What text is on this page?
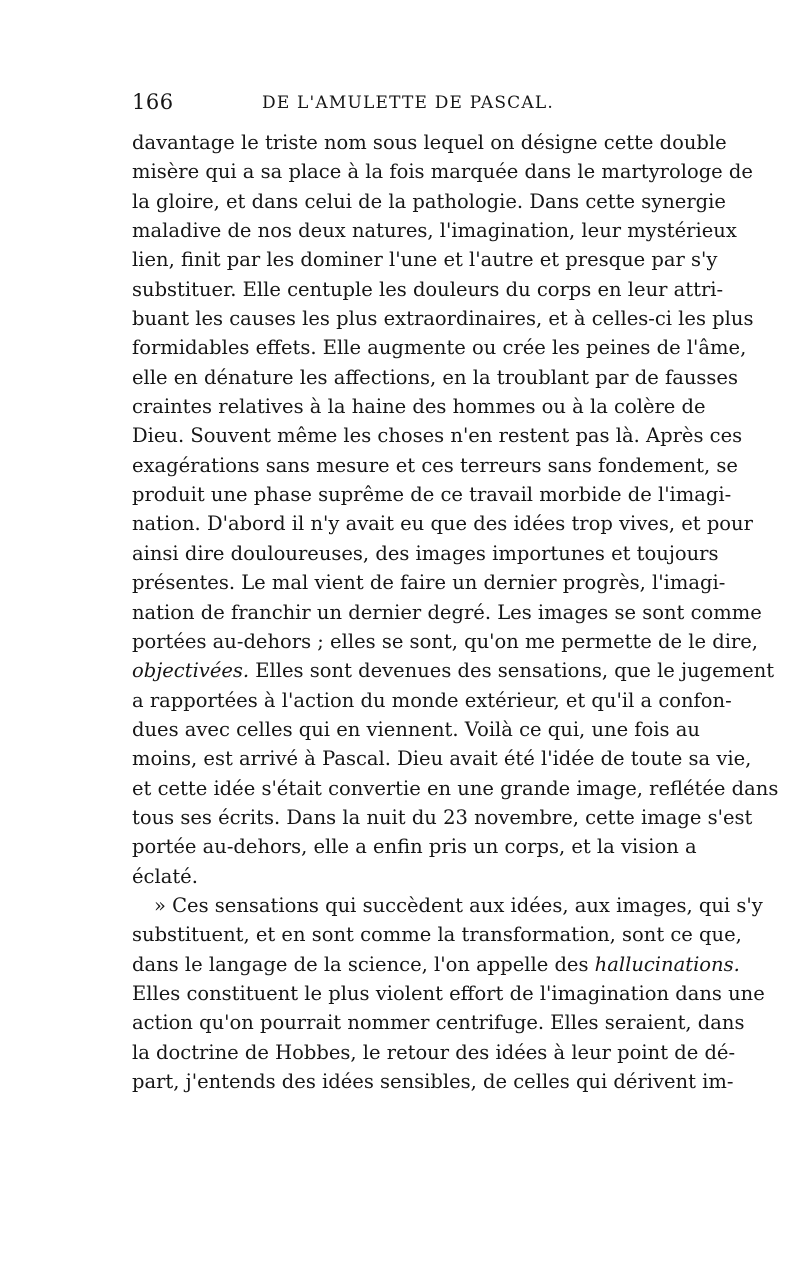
166	DE L'AMULETTE DE PASCAL.
davantage le triste nom sous lequel on désigne cette double
misère qui a sa place à la fois marquée dans le martyrologe de
la gloire, et dans celui de la pathologie. Dans cette synergie
maladive de nos deux natures, l'imagination, leur mystérieux
lien, finit par les dominer l'une et l'autre et presque par s'y
substituer. Elle centuple les douleurs du corps en leur attri-
buant les causes les plus extraordinaires, et à celles-ci les plus
formidables effets. Elle augmente ou crée les peines de l'âme,
elle en dénature les affections, en la troublant par de fausses
craintes relatives à la haine des hommes ou à la colère de
Dieu. Souvent même les choses n'en restent pas là. Après ces
exagérations sans mesure et ces terreurs sans fondement, se
produit une phase suprême de ce travail morbide de l'imagi-
nation. D'abord il n'y avait eu que des idées trop vives, et pour
ainsi dire douloureuses, des images importunes et toujours
présentes. Le mal vient de faire un dernier progrès, l'imagi-
nation de franchir un dernier degré. Les images se sont comme
portées au-dehors ; elles se sont, qu'on me permette de le dire,
objectivées. Elles sont devenues des sensations, que le jugement
a rapportées à l'action du monde extérieur, et qu'il a confon-
dues avec celles qui en viennent. Voilà ce qui, une fois au
moins, est arrivé à Pascal. Dieu avait été l'idée de toute sa vie,
et cette idée s'était convertie en une grande image, reflétée dans
tous ses écrits. Dans la nuit du 23 novembre, cette image s'est
portée au-dehors, elle a enfin pris un corps, et la vision a
éclaté.
» Ces sensations qui succèdent aux idées, aux images, qui s'y
substituent, et en sont comme la transformation, sont ce que,
dans le langage de la science, l'on appelle des hallucinations.
Elles constituent le plus violent effort de l'imagination dans une
action qu'on pourrait nommer centrifuge. Elles seraient, dans
la doctrine de Hobbes, le retour des idées à leur point de dé-
part, j'entends des idées sensibles, de celles qui dérivent im-
